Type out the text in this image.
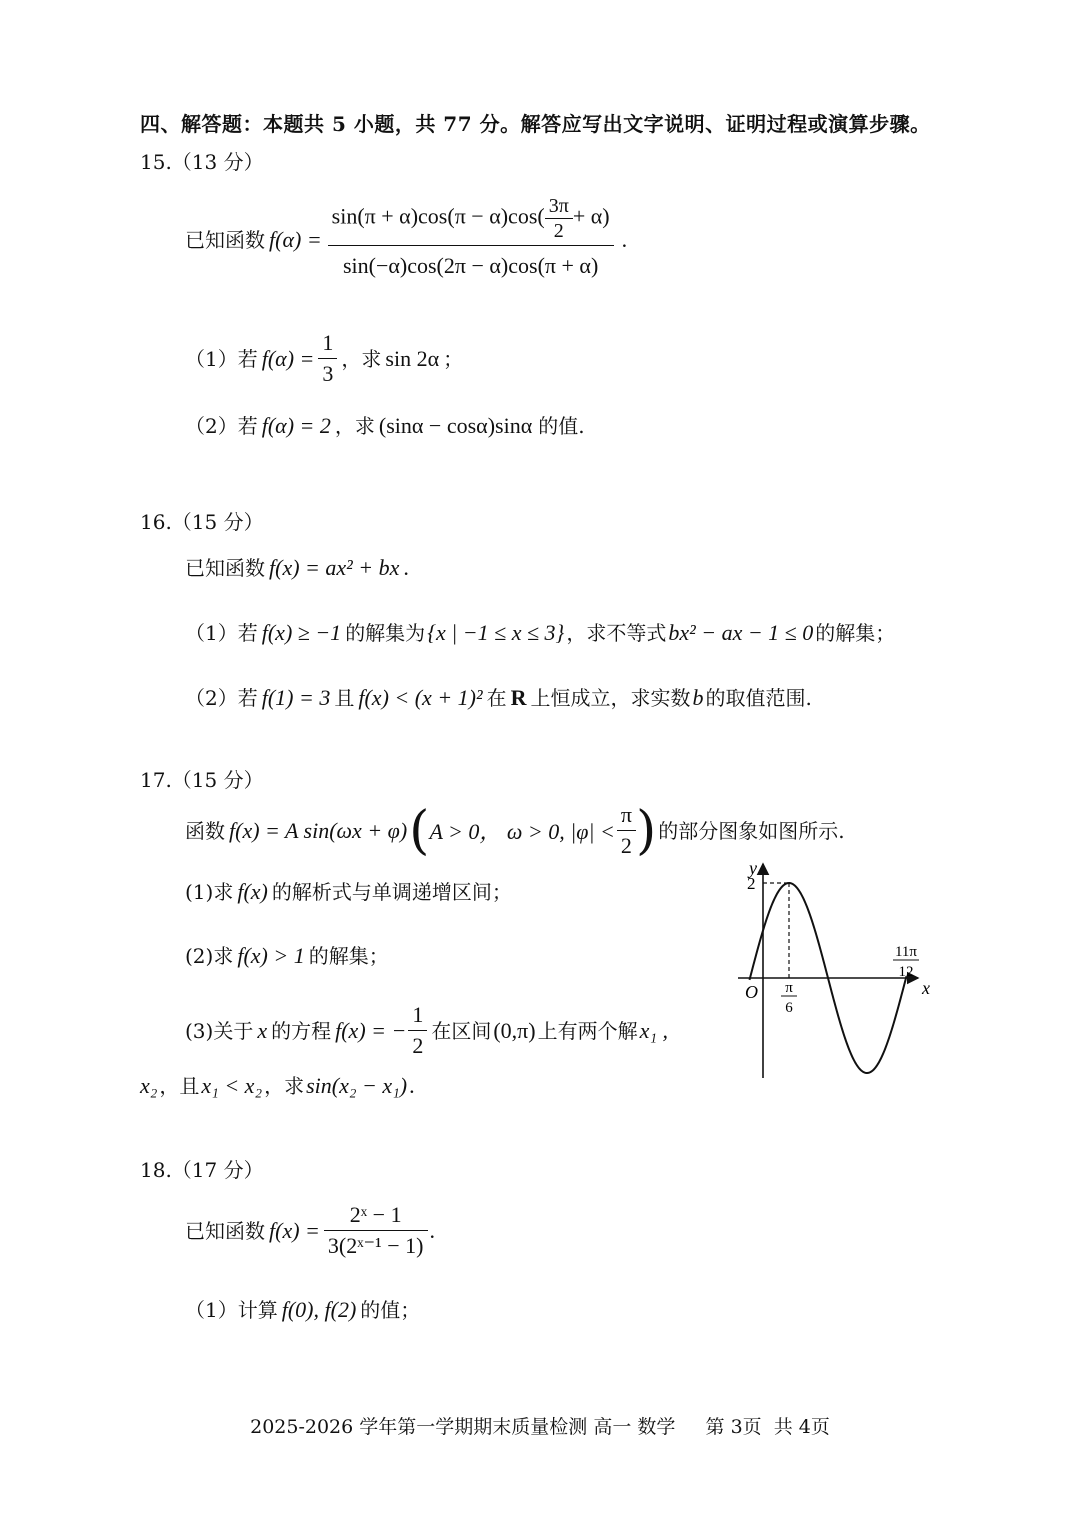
四、解答题：本题共 5 小题，共 77 分。解答应写出文字说明、证明过程或演算步骤。
15.（13 分）
已知函数 $f(\alpha) = \frac{\sin(\pi + \alpha)\cos(\pi - \alpha)\cos( \frac{3\pi}{2} + \alpha)}{\sin(-\alpha)\cos(2\pi - \alpha)\cos(\pi + \alpha)}$ .
（1）若 $f(\alpha) = \frac{1}{3}$ ，求 sin 2α ；
（2）若 f(α) = 2 ，求 (sinα − cosα)sinα 的值.
16.（15 分）
已知函数 f(x) = ax² + bx .
（1）若 f(x) ≥ −1 的解集为 {x | −1 ≤ x ≤ 3} ，求不等式 bx² − ax − 1 ≤ 0 的解集；
（2）若 f(1) = 3 且 f(x) < (x + 1)² 在 R 上恒成立，求实数 b 的取值范围.
17.（15 分）
函数 f(x) = A sin(ωx + φ) ( A > 0， ω > 0, $|\varphi| < \frac{\pi}{2}$ ) 的部分图象如图所示.
(1)求 f(x) 的解析式与单调递增区间；
(2)求 f(x) > 1 的解集；
(3)关于 x 的方程 f(x) = − $\frac{1}{2}$ 在区间 (0,π) 上有两个解 x₁ ,
x₂ ，且 x₁ < x₂ ，求 sin(x₂ − x₁) .
y
x
O
2
π
6
11π
12
18.（17 分）
已知函数 $f(x) = \frac{\text{2ˣ − 1}}{\text{3(2ˣ⁻¹ − 1)}}$ .
（1）计算 f(0), f(2) 的值；
2025-2026 学年第一学期期末质量检测 高一 数学     第 3页  共 4页
